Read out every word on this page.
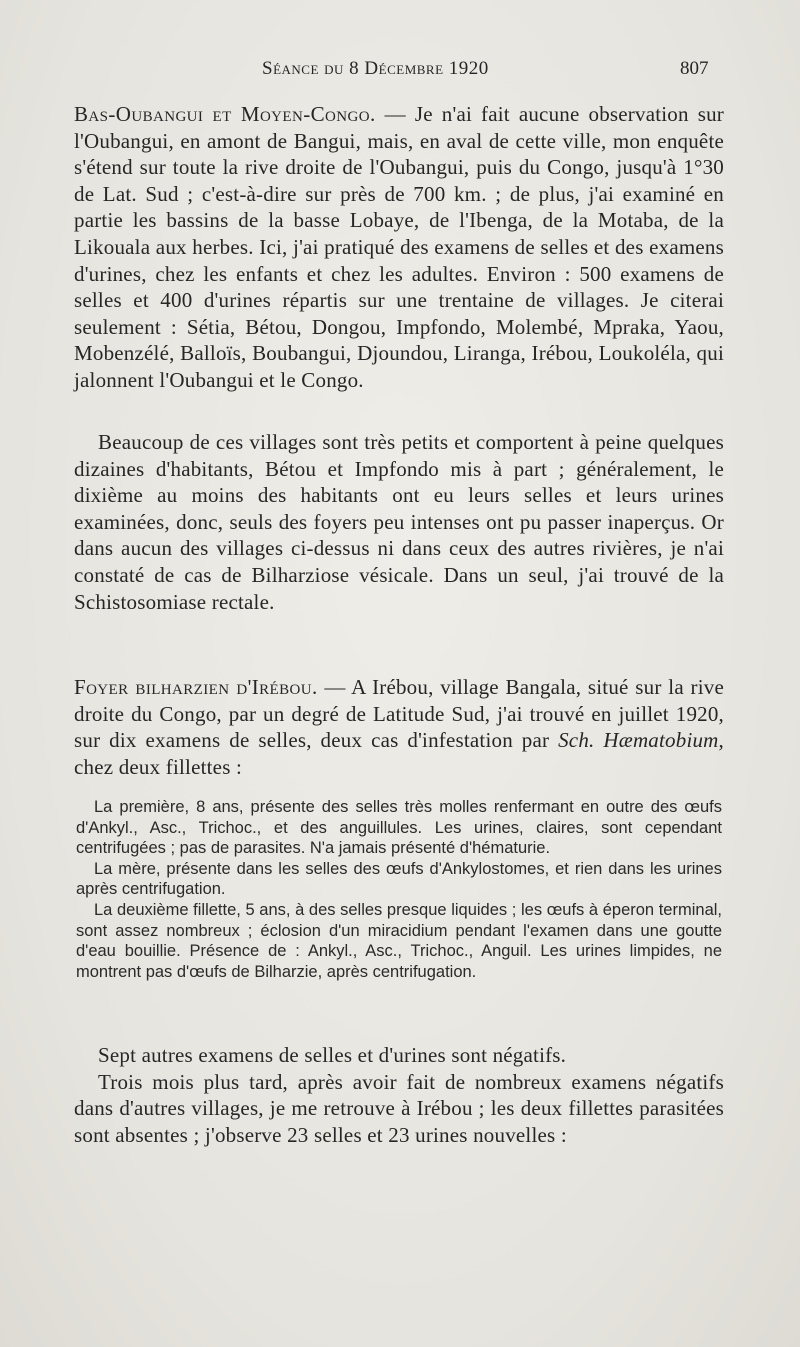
Séance du 8 Décembre 1920	807

Bas-Oubangui et Moyen-Congo. — Je n'ai fait aucune observation sur l'Oubangui, en amont de Bangui, mais, en aval de cette ville, mon enquête s'étend sur toute la rive droite de l'Oubangui, puis du Congo, jusqu'à 1°30 de Lat. Sud ; c'est-à-dire sur près de 700 km. ; de plus, j'ai examiné en partie les bassins de la basse Lobaye, de l'Ibenga, de la Motaba, de la Likouala aux herbes. Ici, j'ai pratiqué des examens de selles et des examens d'urines, chez les enfants et chez les adultes. Environ : 500 examens de selles et 400 d'urines répartis sur une trentaine de villages. Je citerai seulement : Sétia, Bétou, Dongou, Impfondo, Molembé, Mpraka, Yaou, Mobenzélé, Balloïs, Boubangui, Djoundou, Liranga, Irébou, Loukoléla, qui jalonnent l'Oubangui et le Congo.

Beaucoup de ces villages sont très petits et comportent à peine quelques dizaines d'habitants, Bétou et Impfondo mis à part ; généralement, le dixième au moins des habitants ont eu leurs selles et leurs urines examinées, donc, seuls des foyers peu intenses ont pu passer inaperçus. Or dans aucun des villages ci-dessus ni dans ceux des autres rivières, je n'ai constaté de cas de Bilharziose vésicale. Dans un seul, j'ai trouvé de la Schistosomiase rectale.

Foyer bilharzien d'Irébou. — A Irébou, village Bangala, situé sur la rive droite du Congo, par un degré de Latitude Sud, j'ai trouvé en juillet 1920, sur dix examens de selles, deux cas d'infestation par Sch. Hæmatobium, chez deux fillettes :

La première, 8 ans, présente des selles très molles renfermant en outre des œufs d'Ankyl., Asc., Trichoc., et des anguillules. Les urines, claires, sont cependant centrifugées ; pas de parasites. N'a jamais présenté d'hématurie.

La mère, présente dans les selles des œufs d'Ankylostomes, et rien dans les urines après centrifugation.

La deuxième fillette, 5 ans, à des selles presque liquides ; les œufs à éperon terminal, sont assez nombreux ; éclosion d'un miracidium pendant l'examen dans une goutte d'eau bouillie. Présence de : Ankyl., Asc., Trichoc., Anguil. Les urines limpides, ne montrent pas d'œufs de Bilharzie, après centrifugation.

Sept autres examens de selles et d'urines sont négatifs.

Trois mois plus tard, après avoir fait de nombreux examens négatifs dans d'autres villages, je me retrouve à Irébou ; les deux fillettes parasitées sont absentes ; j'observe 23 selles et 23 urines nouvelles :
